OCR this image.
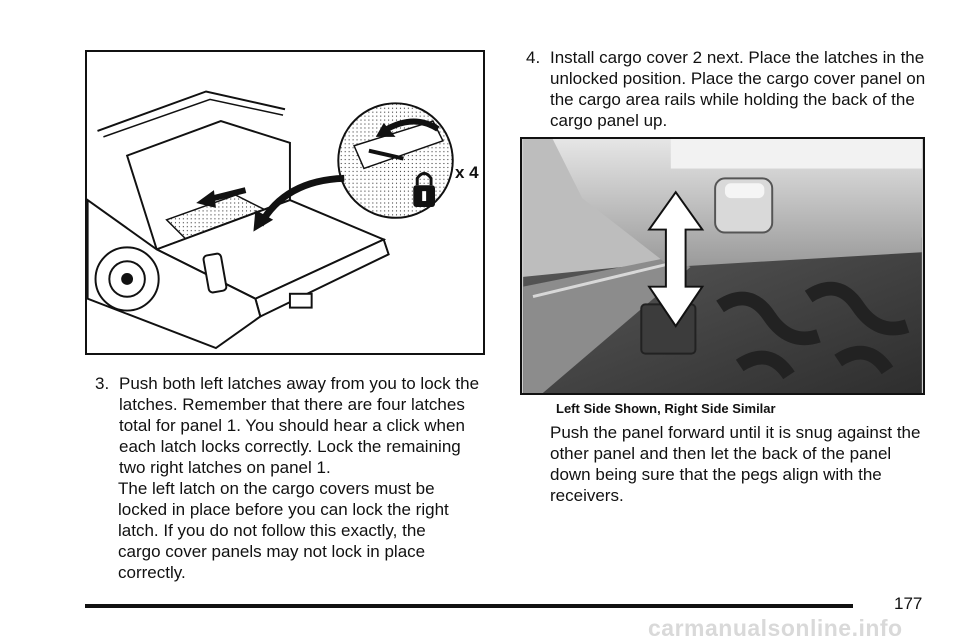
x 4
3. Push both left latches away from you to lock the latches. Remember that there are four latches total for panel 1. You should hear a click when each latch locks correctly. Lock the remaining two right latches on panel 1.

The left latch on the cargo covers must be locked in place before you can lock the right latch. If you do not follow this exactly, the cargo cover panels may not lock in place correctly.

4. Install cargo cover 2 next. Place the latches in the unlocked position. Place the cargo cover panel on the cargo area rails while holding the back of the cargo panel up.
Left Side Shown, Right Side Similar

Push the panel forward until it is snug against the other panel and then let the back of the panel down being sure that the pegs align with the receivers.

177
carmanualsonline.info
